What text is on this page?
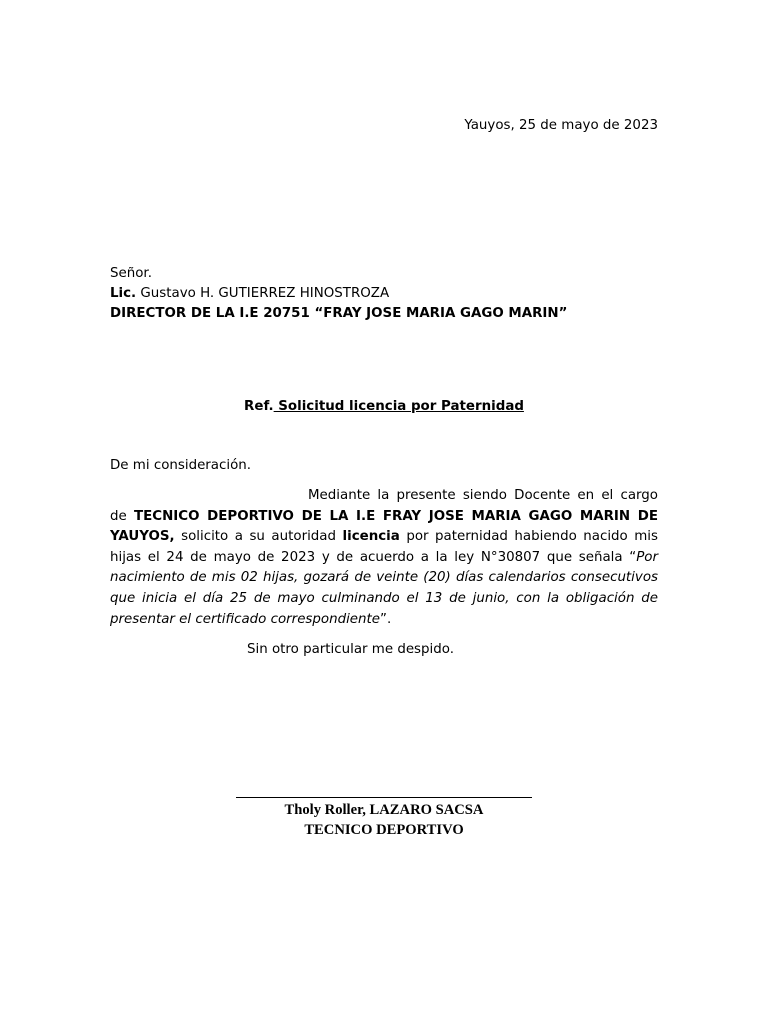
Yauyos, 25 de mayo de 2023
Señor.
Lic. Gustavo H. GUTIERREZ HINOSTROZA
DIRECTOR DE LA I.E 20751 “FRAY JOSE MARIA GAGO MARIN”
Ref. Solicitud licencia por Paternidad
De mi consideración.
Mediante la presente siendo Docente en el cargo de TECNICO DEPORTIVO DE LA I.E FRAY JOSE MARIA GAGO MARIN DE YAUYOS, solicito a su autoridad licencia por paternidad habiendo nacido mis hijas el 24 de mayo de 2023 y de acuerdo a la ley N°30807 que señala “Por nacimiento de mis 02 hijas, gozará de veinte (20) días calendarios consecutivos que inicia el día 25 de mayo culminando el 13 de junio, con la obligación de presentar el certificado correspondiente”.
Sin otro particular me despido.
Tholy Roller, LAZARO SACSA
TECNICO DEPORTIVO
